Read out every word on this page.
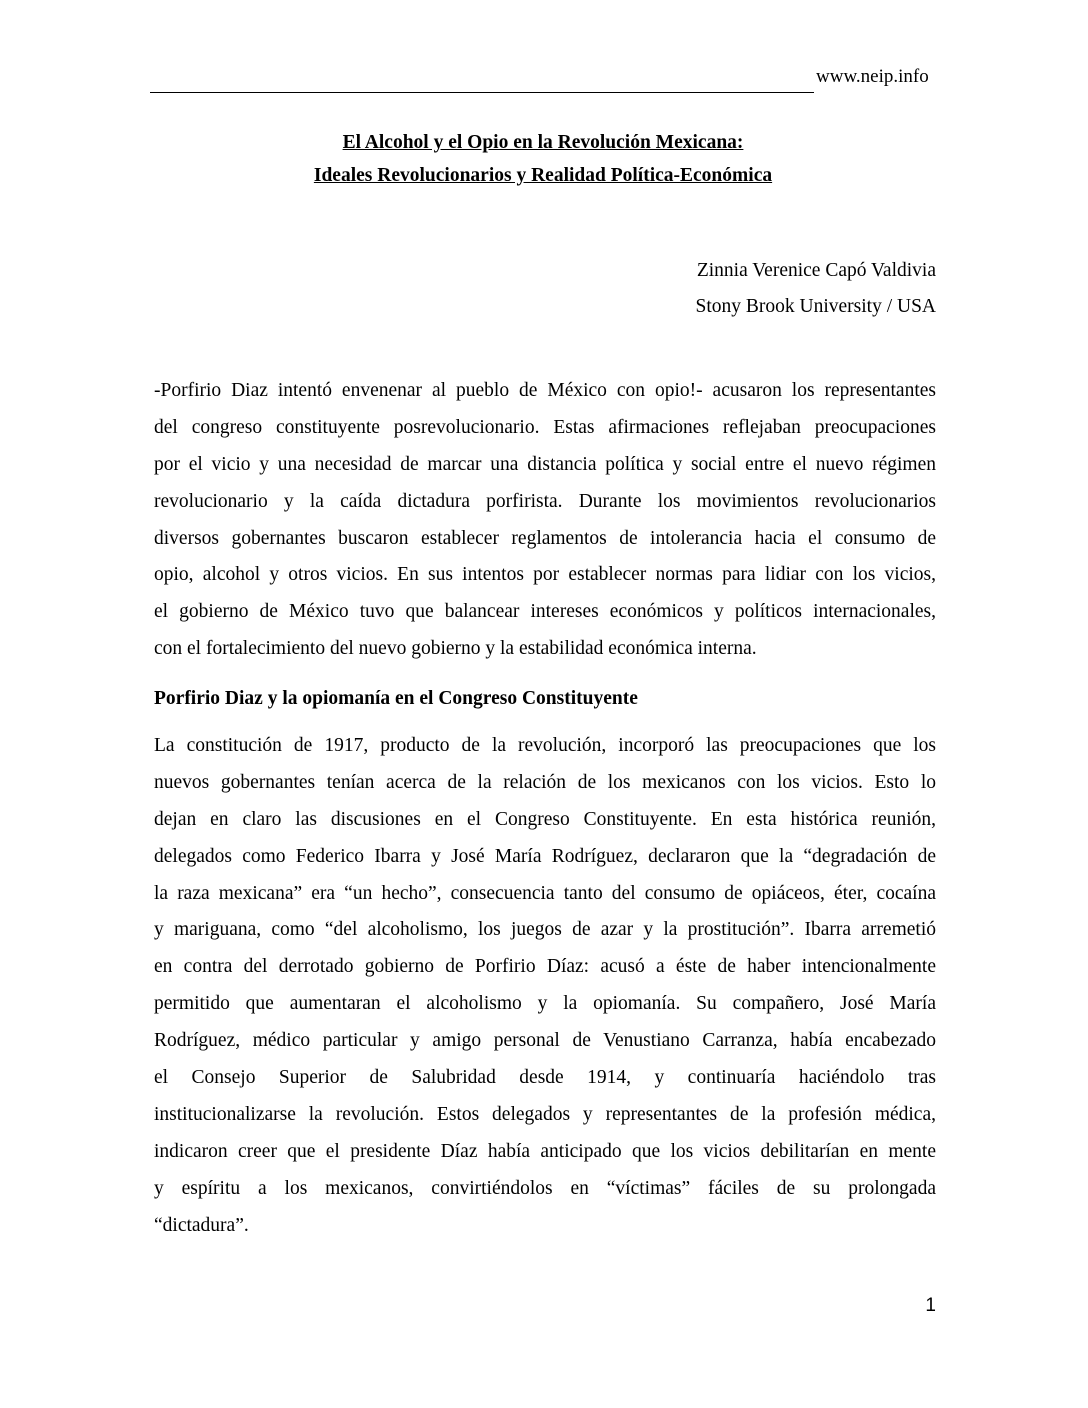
www.neip.info
El Alcohol y el Opio en la Revolución Mexicana:
Ideales Revolucionarios y Realidad Política-Económica
Zinnia Verenice Capó Valdivia
Stony Brook University / USA
-Porfirio Diaz intentó envenenar al pueblo de México con opio!- acusaron los representantes
del congreso constituyente posrevolucionario. Estas afirmaciones reflejaban preocupaciones
por el vicio y una necesidad de marcar una distancia política y social entre el nuevo régimen
revolucionario y la caída dictadura porfirista. Durante los movimientos revolucionarios
diversos gobernantes buscaron establecer reglamentos de intolerancia hacia el consumo de
opio, alcohol y otros vicios. En sus intentos por establecer normas para lidiar con los vicios,
el gobierno de México tuvo que balancear intereses económicos y políticos internacionales,
con el fortalecimiento del nuevo gobierno y la estabilidad económica interna.
Porfirio Diaz y la opiomanía en el Congreso Constituyente
La constitución de 1917, producto de la revolución, incorporó las preocupaciones que los
nuevos gobernantes tenían acerca de la relación de los mexicanos con los vicios. Esto lo
dejan en claro las discusiones en el Congreso Constituyente. En esta histórica reunión,
delegados como Federico Ibarra y José María Rodríguez, declararon que la “degradación de
la raza mexicana” era “un hecho”, consecuencia tanto del consumo de opiáceos, éter, cocaína
y mariguana, como “del alcoholismo, los juegos de azar y la prostitución”. Ibarra arremetió
en contra del derrotado gobierno de Porfirio Díaz: acusó a éste de haber intencionalmente
permitido que aumentaran el alcoholismo y la opiomanía. Su compañero, José María
Rodríguez, médico particular y amigo personal de Venustiano Carranza, había encabezado
el Consejo Superior de Salubridad desde 1914, y continuaría haciéndolo tras
institucionalizarse la revolución. Estos delegados y representantes de la profesión médica,
indicaron creer que el presidente Díaz había anticipado que los vicios debilitarían en mente
y espíritu a los mexicanos, convirtiéndolos en “víctimas” fáciles de su prolongada
“dictadura”.
1
